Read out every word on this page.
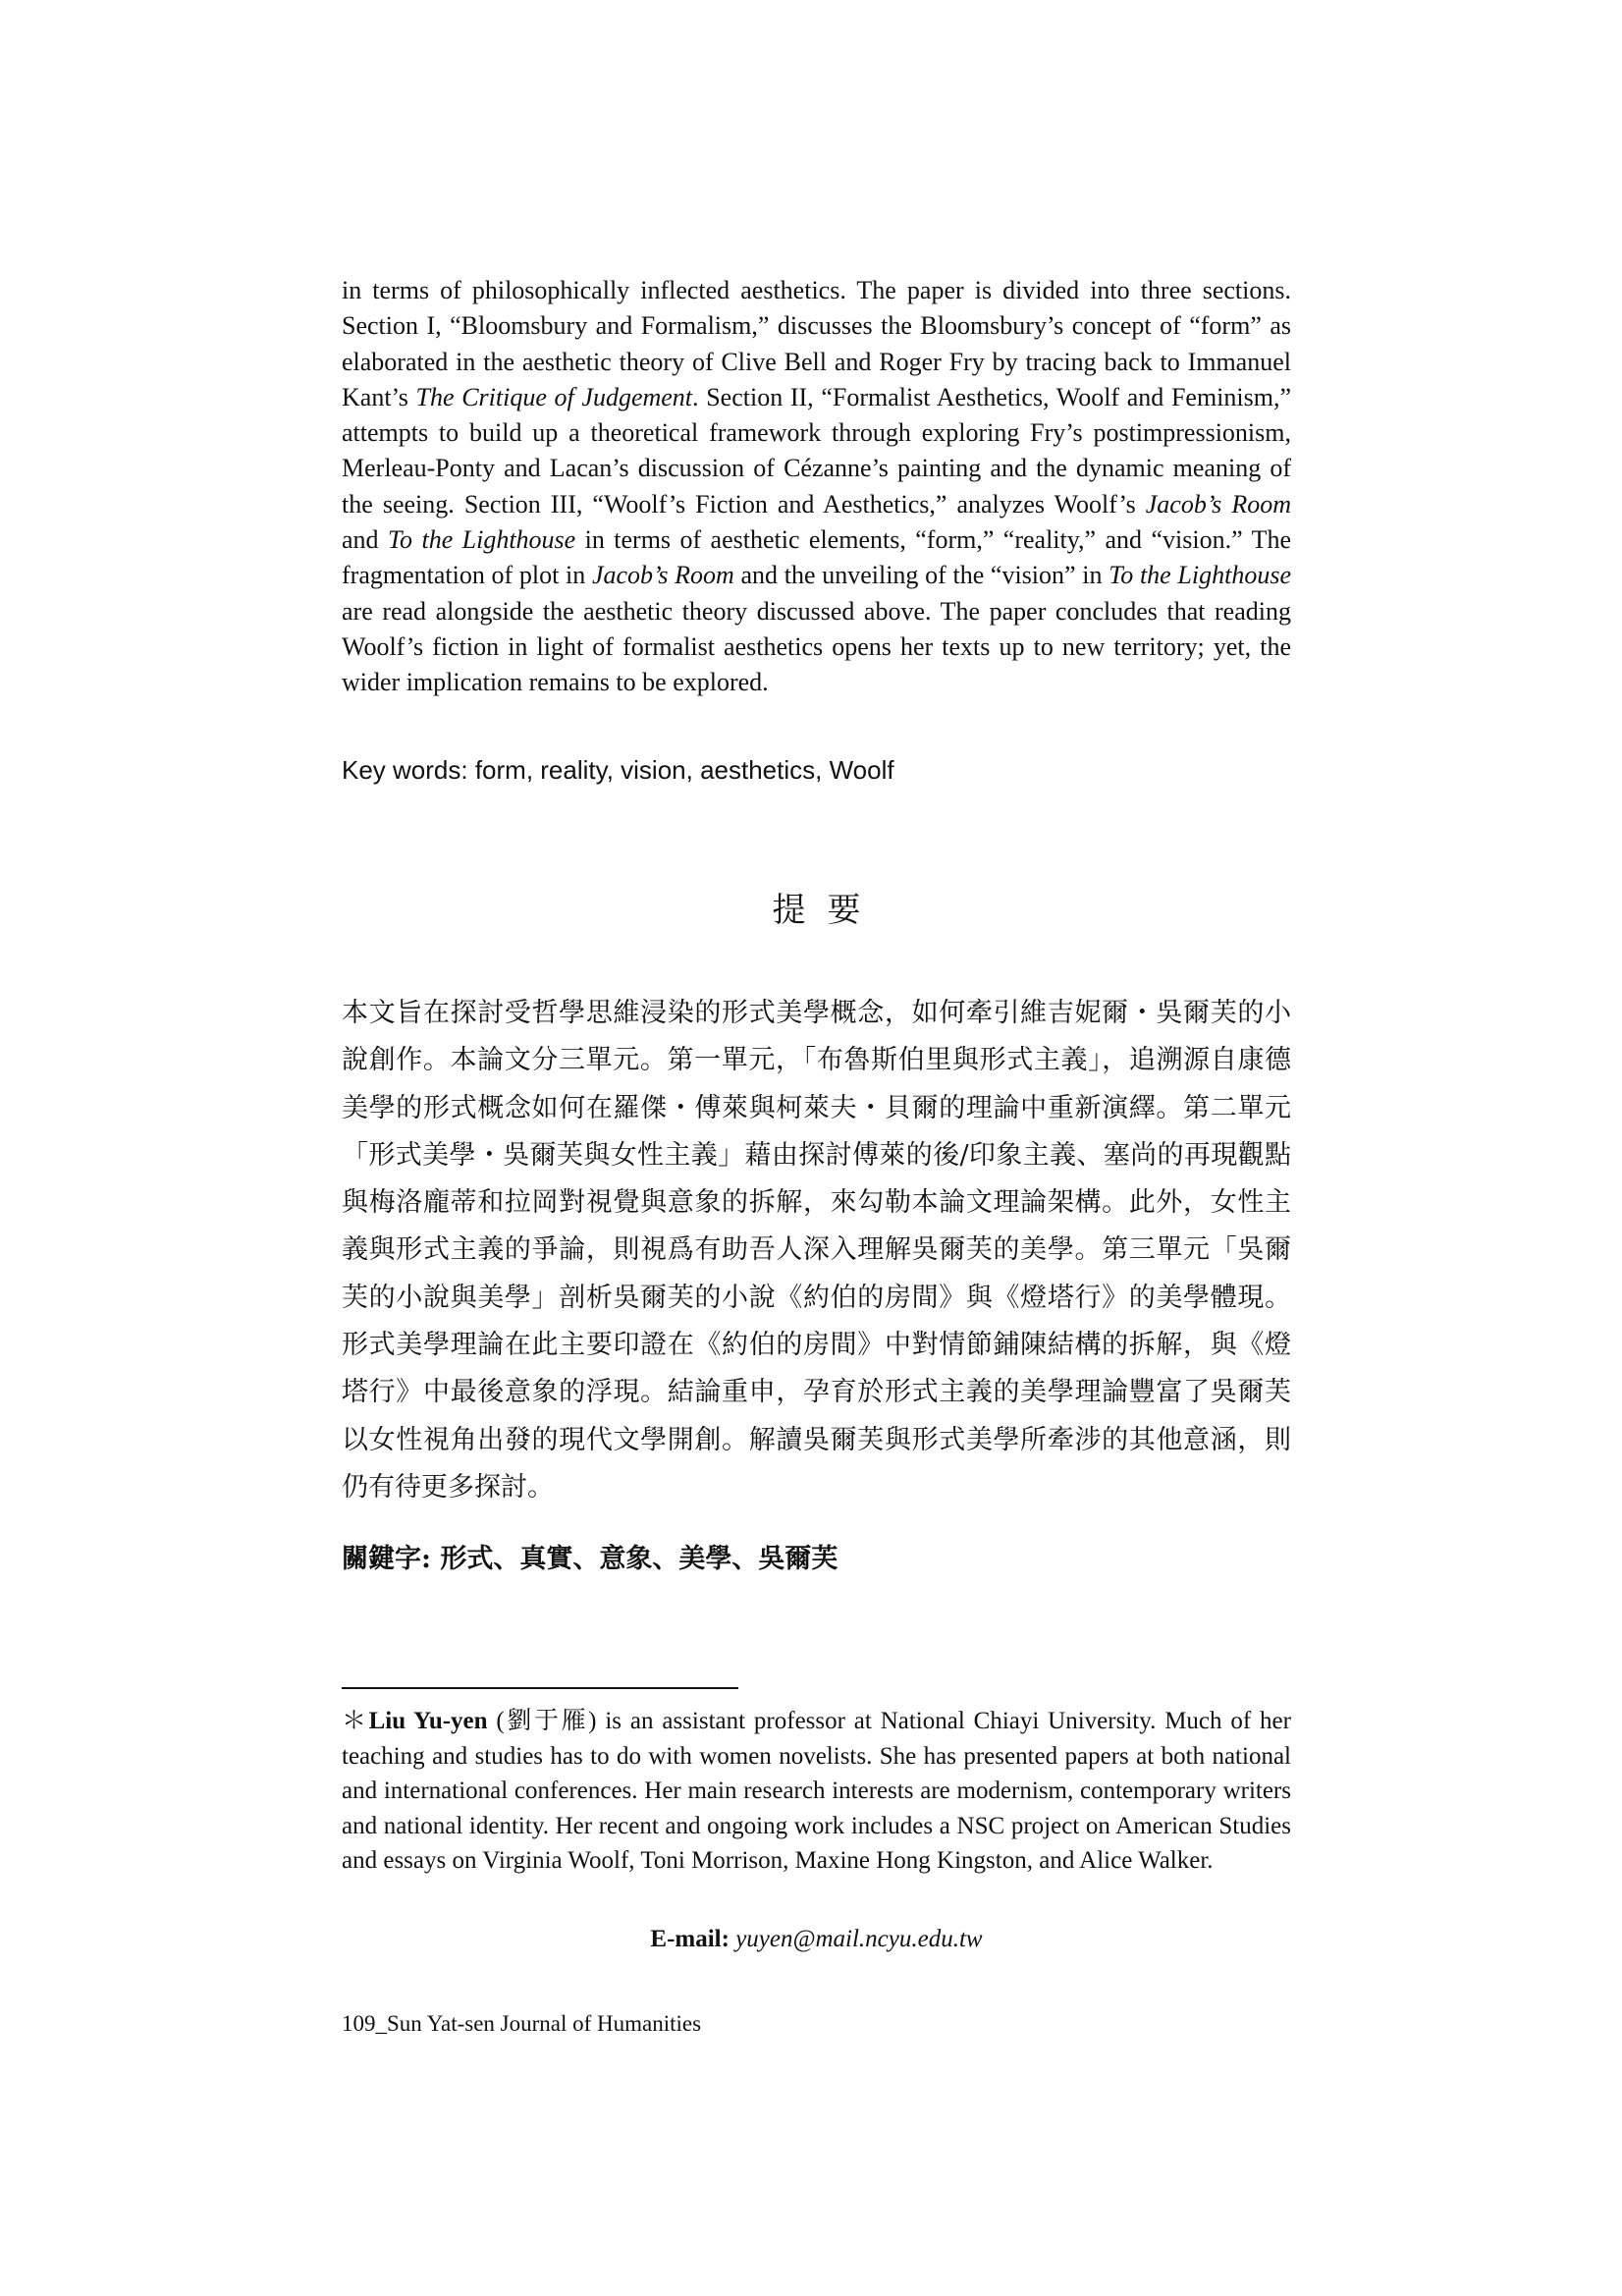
in terms of philosophically inflected aesthetics. The paper is divided into three sections. Section I, “Bloomsbury and Formalism,” discusses the Bloomsbury’s concept of “form” as elaborated in the aesthetic theory of Clive Bell and Roger Fry by tracing back to Immanuel Kant’s The Critique of Judgement. Section II, “Formalist Aesthetics, Woolf and Feminism,” attempts to build up a theoretical framework through exploring Fry’s postimpressionism, Merleau-Ponty and Lacan’s discussion of Cézanne’s painting and the dynamic meaning of the seeing. Section III, “Woolf’s Fiction and Aesthetics,” analyzes Woolf’s Jacob’s Room and To the Lighthouse in terms of aesthetic elements, “form,” “reality,” and “vision.” The fragmentation of plot in Jacob’s Room and the unveiling of the “vision” in To the Lighthouse are read alongside the aesthetic theory discussed above. The paper concludes that reading Woolf’s fiction in light of formalist aesthetics opens her texts up to new territory; yet, the wider implication remains to be explored.

Key words: form, reality, vision, aesthetics, Woolf
提要

本文旨在探討受哲學思維浸染的形式美學概念，如何牽引維吉妮爾・吳爾芙的小說創作。本論文分三單元。第一單元，「布魯斯伯里與形式主義」，追溯源自康德美學的形式概念如何在羅傑・傅萊與柯萊夫・貝爾的理論中重新演繹。第二單元「形式美學・吳爾芙與女性主義」藉由探討傅萊的後/印象主義、塞尚的再現觀點與梅洛龐蒂和拉岡對視覺與意象的拆解，來勾勒本論文理論架構。此外，女性主義與形式主義的爭論，則視爲有助吾人深入理解吳爾芙的美學。第三單元「吳爾芙的小說與美學」剖析吳爾芙的小說《約伯的房間》與《燈塔行》的美學體現。形式美學理論在此主要印證在《約伯的房間》中對情節鋪陳結構的拆解，與《燈塔行》中最後意象的浮現。結論重申，孕育於形式主義的美學理論豐富了吳爾芙以女性視角出發的現代文學開創。解讀吳爾芙與形式美學所牽涉的其他意涵，則仍有待更多探討。

關鍵字: 形式、真實、意象、美學、吳爾芙

＊Liu Yu-yen (劉于雁) is an assistant professor at National Chiayi University. Much of her teaching and studies has to do with women novelists. She has presented papers at both national and international conferences. Her main research interests are modernism, contemporary writers and national identity. Her recent and ongoing work includes a NSC project on American Studies and essays on Virginia Woolf, Toni Morrison, Maxine Hong Kingston, and Alice Walker.

E-mail: yuyen@mail.ncyu.edu.tw
109_Sun Yat-sen Journal of Humanities
